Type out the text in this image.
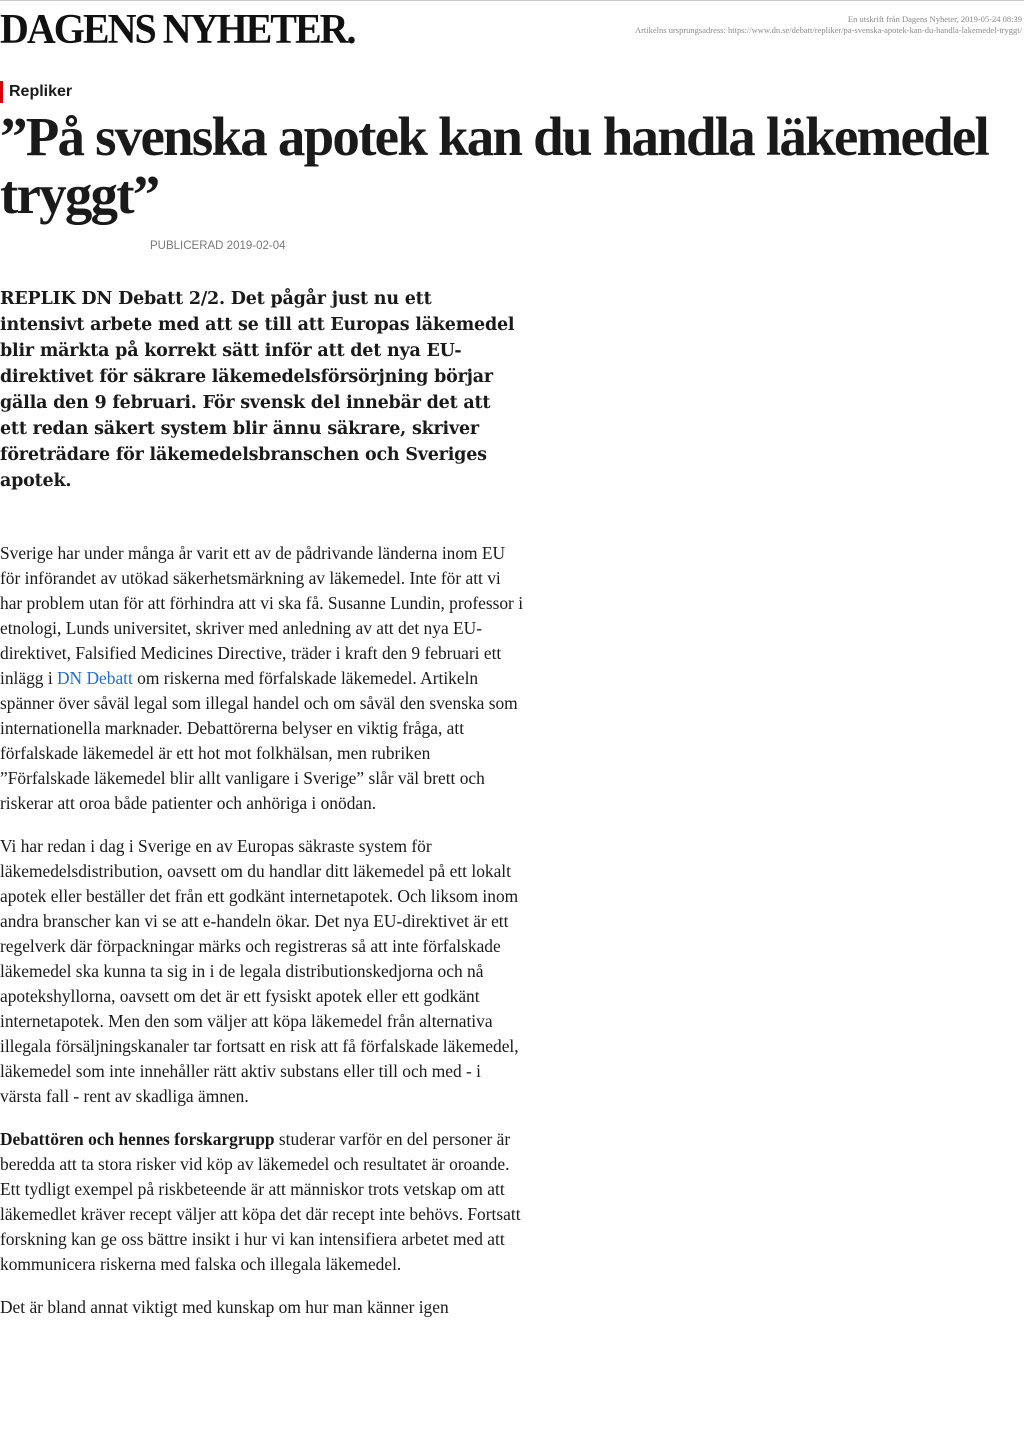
DAGENS NYHETER.	En utskrift från Dagens Nyheter, 2019-05-24 08:39
Artikelns ursprungsadress: https://www.dn.se/debatt/repliker/pa-svenska-apotek-kan-du-handla-lakemedel-tryggt/
Repliker
”På svenska apotek kan du handla läkemedel tryggt”
PUBLICERAD 2019-02-04

REPLIK DN Debatt 2/2. Det pågår just nu ett intensivt arbete med att se till att Europas läkemedel blir märkta på korrekt sätt inför att det nya EU-direktivet för säkrare läkemedelsförsörjning börjar gälla den 9 februari. För svensk del innebär det att ett redan säkert system blir ännu säkrare, skriver företrädare för läkemedelsbranschen och Sveriges apotek.

Sverige har under många år varit ett av de pådrivande länderna inom EU för införandet av utökad säkerhetsmärkning av läkemedel. Inte för att vi har problem utan för att förhindra att vi ska få. Susanne Lundin, professor i etnologi, Lunds universitet, skriver med anledning av att det nya EU-direktivet, Falsified Medicines Directive, träder i kraft den 9 februari ett inlägg i DN Debatt om riskerna med förfalskade läkemedel. Artikeln spänner över såväl legal som illegal handel och om såväl den svenska som internationella marknader. Debattörerna belyser en viktig fråga, att förfalskade läkemedel är ett hot mot folkhälsan, men rubriken ”Förfalskade läkemedel blir allt vanligare i Sverige” slår väl brett och riskerar att oroa både patienter och anhöriga i onödan.

Vi har redan i dag i Sverige en av Europas säkraste system för läkemedelsdistribution, oavsett om du handlar ditt läkemedel på ett lokalt apotek eller beställer det från ett godkänt internetapotek. Och liksom inom andra branscher kan vi se att e-handeln ökar. Det nya EU-direktivet är ett regelverk där förpackningar märks och registreras så att inte förfalskade läkemedel ska kunna ta sig in i de legala distributionskedjorna och nå apotekshyllorna, oavsett om det är ett fysiskt apotek eller ett godkänt internetapotek. Men den som väljer att köpa läkemedel från alternativa illegala försäljningskanaler tar fortsatt en risk att få förfalskade läkemedel, läkemedel som inte innehåller rätt aktiv substans eller till och med - i värsta fall - rent av skadliga ämnen.

Debattören och hennes forskargrupp studerar varför en del personer är beredda att ta stora risker vid köp av läkemedel och resultatet är oroande. Ett tydligt exempel på riskbeteende är att människor trots vetskap om att läkemedlet kräver recept väljer att köpa det där recept inte behövs. Fortsatt forskning kan ge oss bättre insikt i hur vi kan intensifiera arbetet med att kommunicera riskerna med falska och illegala läkemedel.

Det är bland annat viktigt med kunskap om hur man känner igen
